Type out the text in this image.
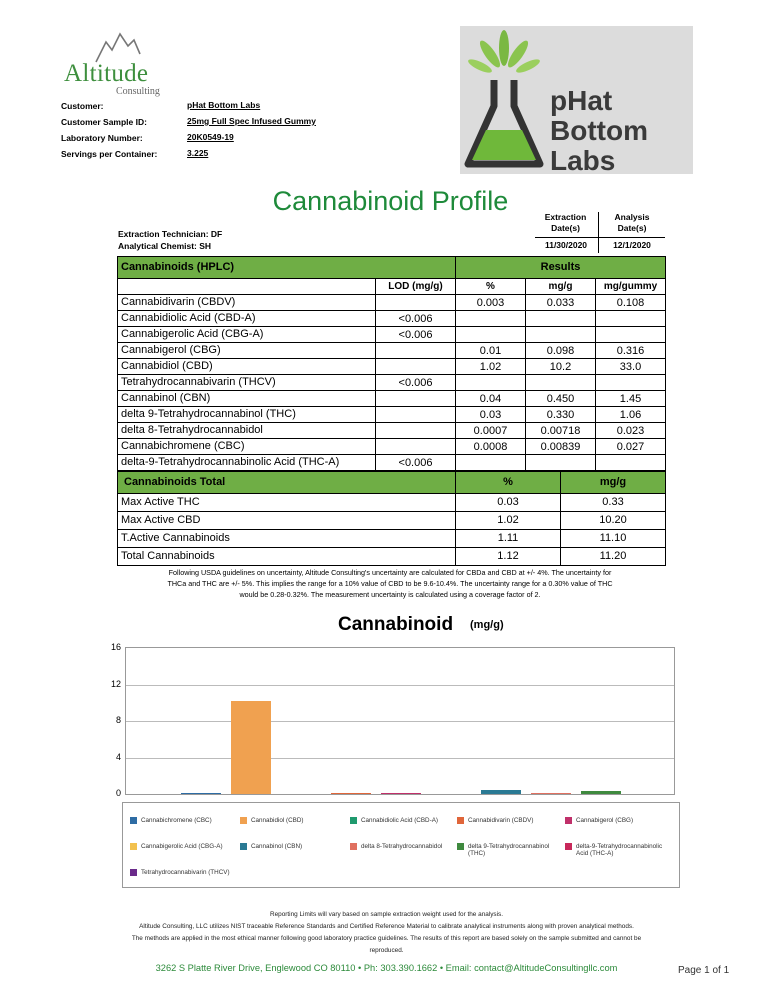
Altitude
Consulting	pHat
Bottom
Labs
Customer:	pHat Bottom Labs
Customer Sample ID:	25mg Full Spec Infused Gummy
Laboratory Number:	20K0549-19
Servings per Container:	3.225
Cannabinoid Profile
Extraction Technician: DF
Analytical Chemist: SH
Extraction
Date(s)
Analysis
Date(s)
11/30/2020	12/1/2020
Cannabinoids (HPLC)		Results		
	LOD (mg/g)	%	mg/g	mg/gummy
Cannabidivarin (CBDV)		0.003	0.033	0.108
Cannabidiolic Acid (CBD-A)	<0.006			
Cannabigerolic Acid (CBG-A)	<0.006			
Cannabigerol (CBG)		0.01	0.098	0.316
Cannabidiol (CBD)		1.02	10.2	33.0
Tetrahydrocannabivarin (THCV)	<0.006			
Cannabinol (CBN)		0.04	0.450	1.45
delta 9-Tetrahydrocannabinol (THC)		0.03	0.330	1.06
delta 8-Tetrahydrocannabidol		0.0007	0.00718	0.023
Cannabichromene (CBC)		0.0008	0.00839	0.027
delta-9-Tetrahydrocannabinolic Acid (THC-A)	<0.006			
Cannabinoids Total	%	mg/g
Max Active THC	0.03	0.33
Max Active CBD	1.02	10.20
T.Active Cannabinoids	1.11	11.10
Total Cannabinoids	1.12	11.20
Following USDA guidelines on uncertainty, Altitude Consulting's uncertainty are calculated for CBDa and CBD at +/- 4%. The uncertainty for
THCa and THC are +/- 5%. This implies the range for a 10% value of CBD to be 9.6-10.4%. The uncertainty range for a 0.30% value of THC
would be 0.28-0.32%. The measurement uncertainty is calculated using a coverage factor of 2.
Cannabinoid (mg/g)
0
4
8
12
16
Cannabichromene (CBC)	Cannabidiol (CBD)	Cannabidiolic Acid (CBD-A)	Cannabidivarin (CBDV)	Cannabigerol (CBG)
Cannabigerolic Acid (CBG-A)	Cannabinol (CBN)	delta 8-Tetrahydrocannabidol	delta 9-Tetrahydrocannabinol (THC)
delta-9-Tetrahydrocannabinolic Acid (THC-A)
Tetrahydrocannabivarin (THCV)
Reporting Limits will vary based on sample extraction weight used for the analysis.
Altitude Consulting, LLC utilizes NIST traceable Reference Standards and Certified Reference Material to calibrate analytical instruments along with proven analytical methods.
The methods are applied in the most ethical manner following good laboratory practice guidelines. The results of this report are based solely on the sample submitted and cannot be
reproduced.
3262 S Platte River Drive, Englewood CO 80110 • Ph: 303.390.1662 • Email: contact@AltitudeConsultingllc.com	Page 1 of 1
